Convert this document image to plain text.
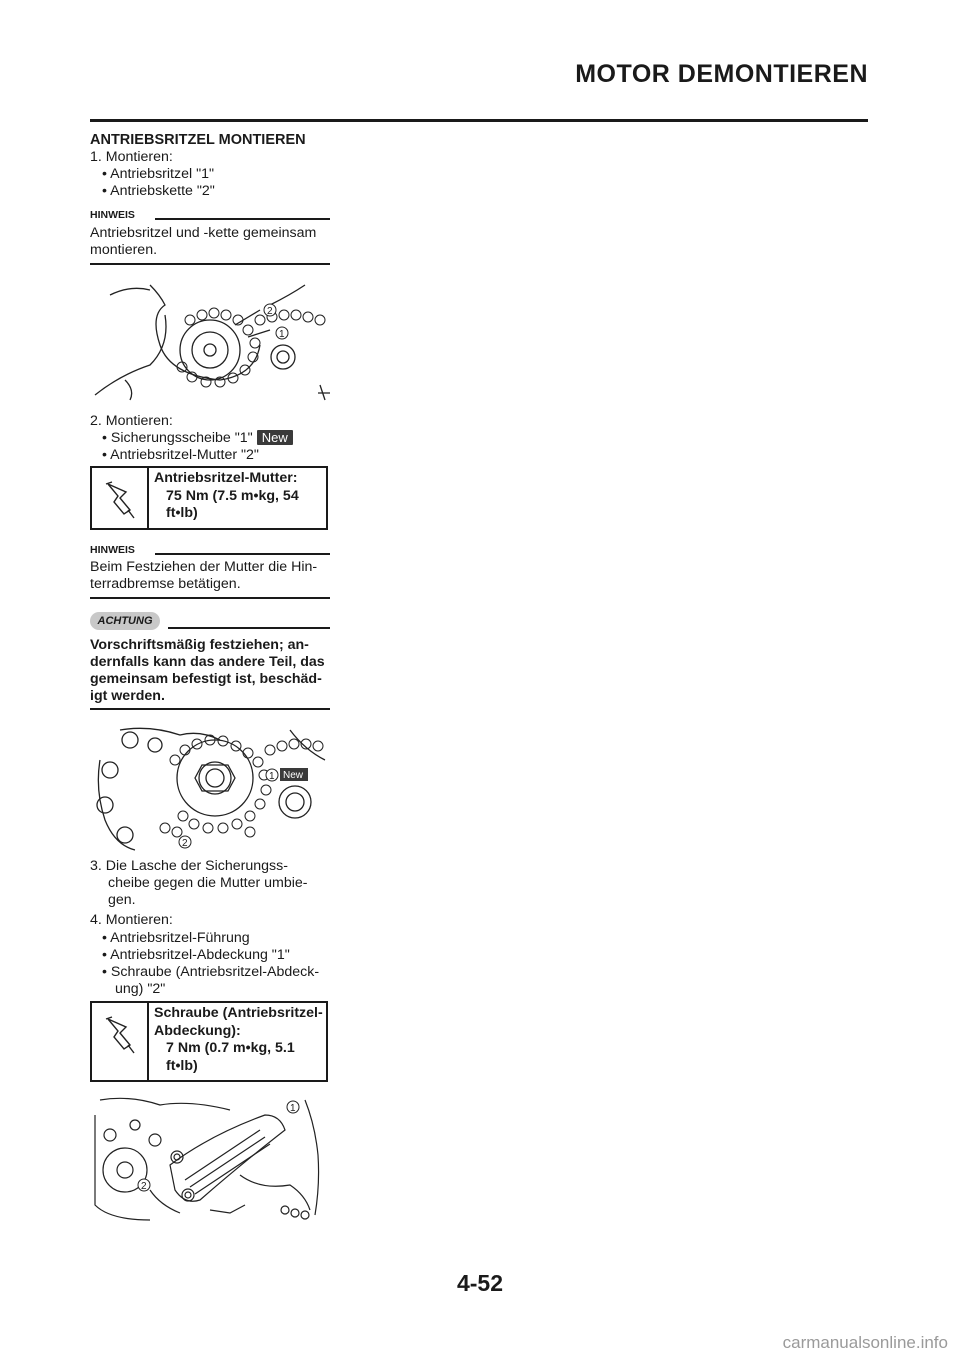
MOTOR DEMONTIEREN
ANTRIEBSRITZEL MONTIEREN
1. Montieren:
• Antriebsritzel "1"
• Antriebskette "2"
HINWEIS
Antriebsritzel und -kette gemeinsam
montieren.
2
1
2. Montieren:
• Sicherungsscheibe "1" New
• Antriebsritzel-Mutter "2"
Antriebsritzel-Mutter:
75 Nm (7.5 m•kg, 54
ft•lb)
HINWEIS
Beim Festziehen der Mutter die Hin-
terradbremse betätigen.
ACHTUNG
Vorschriftsmäßig festziehen; an-
dernfalls kann das andere Teil, das
gemeinsam befestigt ist, beschäd-
igt werden.
1 New
2
3. Die Lasche der Sicherungss-
cheibe gegen die Mutter umbie-
gen.
4. Montieren:
• Antriebsritzel-Führung
• Antriebsritzel-Abdeckung "1"
• Schraube (Antriebsritzel-Abdeck-
ung) "2"
Schraube (Antriebsritzel-
Abdeckung):
7 Nm (0.7 m•kg, 5.1
ft•lb)
1
2
4-52
carmanualsonline.info
